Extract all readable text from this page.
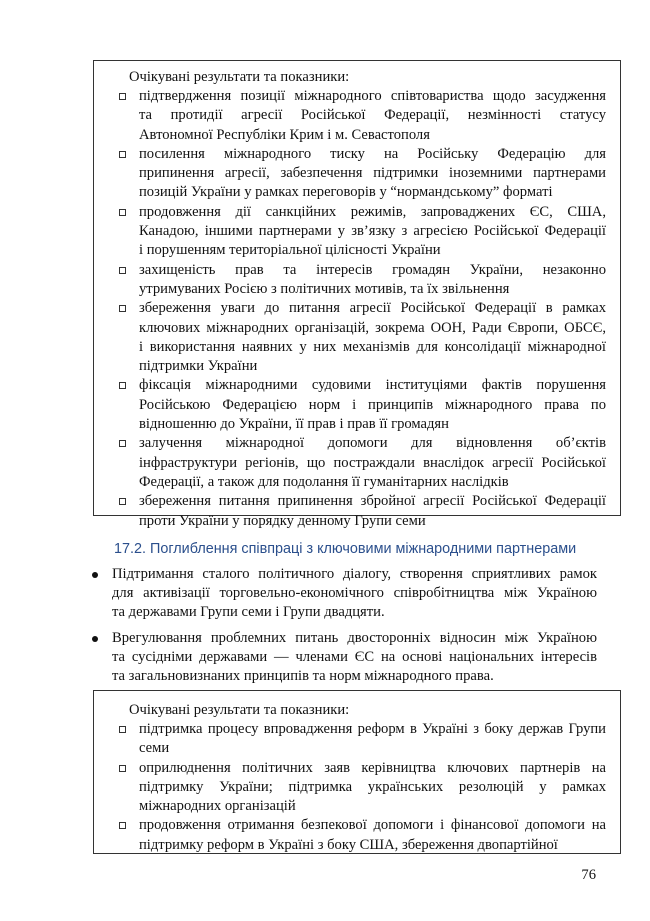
Очікувані результати та показники:
підтвердження позиції міжнародного співтовариства щодо засудження
та протидії агресії Російської Федерації, незмінності статусу
Автономної Республіки Крим і м. Севастополя
посилення міжнародного тиску на Російську Федерацію для
припинення агресії, забезпечення підтримки іноземними партнерами
позицій України у рамках переговорів у “нормандському” форматі
продовження дії санкційних режимів, запроваджених ЄС, США,
Канадою, іншими партнерами у зв’язку з агресією Російської Федерації
і порушенням територіальної цілісності України
захищеність прав та інтересів громадян України, незаконно
утримуваних Росією з політичних мотивів, та їх звільнення
збереження уваги до питання агресії Російської Федерації в рамках
ключових міжнародних організацій, зокрема ООН, Ради Європи, ОБСЄ,
і використання наявних у них механізмів для консолідації міжнародної
підтримки України
фіксація міжнародними судовими інституціями фактів порушення
Російською Федерацією норм і принципів міжнародного права по
відношенню до України, її прав і прав її громадян
залучення міжнародної допомоги для відновлення об’єктів
інфраструктури регіонів, що постраждали внаслідок агресії Російської
Федерації, а також для подолання її гуманітарних наслідків
збереження питання припинення збройної агресії Російської Федерації
проти України у порядку денному Групи семи
17.2. Поглиблення співпраці з ключовими міжнародними партнерами
Підтримання сталого політичного діалогу, створення сприятливих рамок
для активізації торговельно-економічного співробітництва між Україною
та державами Групи семи і Групи двадцяти.
Врегулювання проблемних питань двосторонніх відносин між Україною
та сусідніми державами — членами ЄС на основі національних інтересів
та загальновизнаних принципів та норм міжнародного права.
Очікувані результати та показники:
підтримка процесу впровадження реформ в Україні з боку держав Групи
семи
оприлюднення політичних заяв керівництва ключових партнерів на
підтримку України; підтримка українських резолюцій у рамках
міжнародних організацій
продовження отримання безпекової допомоги і фінансової допомоги на
підтримку реформ в Україні з боку США, збереження двопартійної
76
